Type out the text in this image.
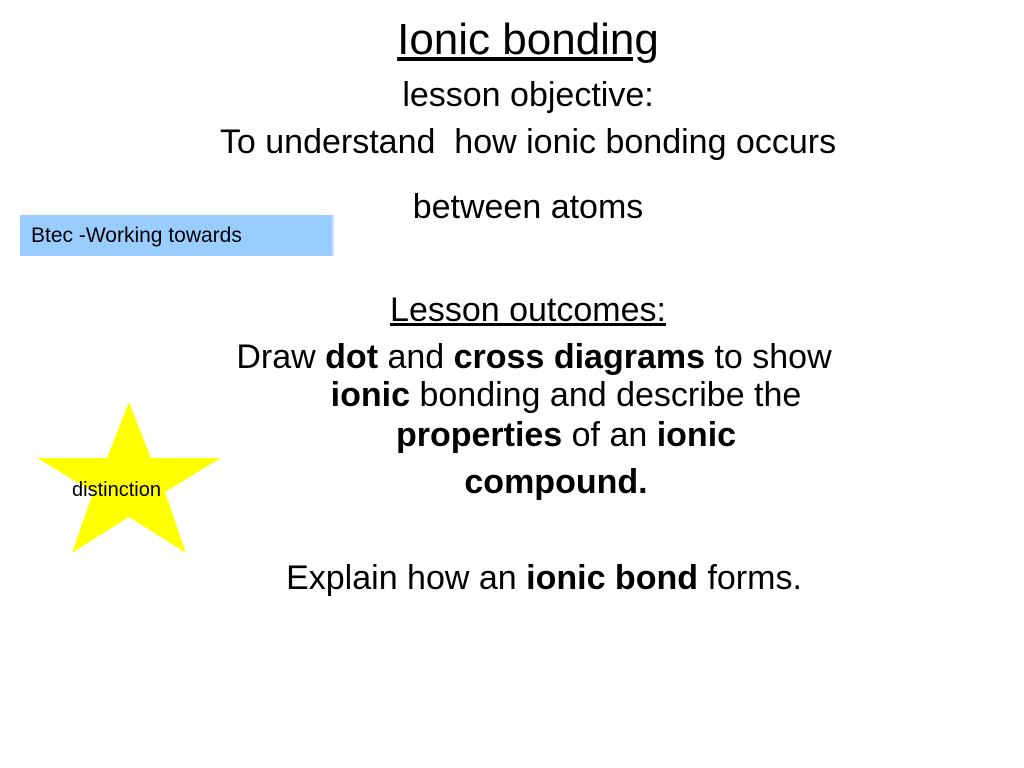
Ionic bonding
lesson objective:
To understand  how ionic bonding occurs
between atoms
Btec -Working towards
Lesson outcomes:
Draw dot and cross diagrams to show
ionic bonding and describe the
properties of an ionic
compound.
Explain how an ionic bond forms.
distinction
